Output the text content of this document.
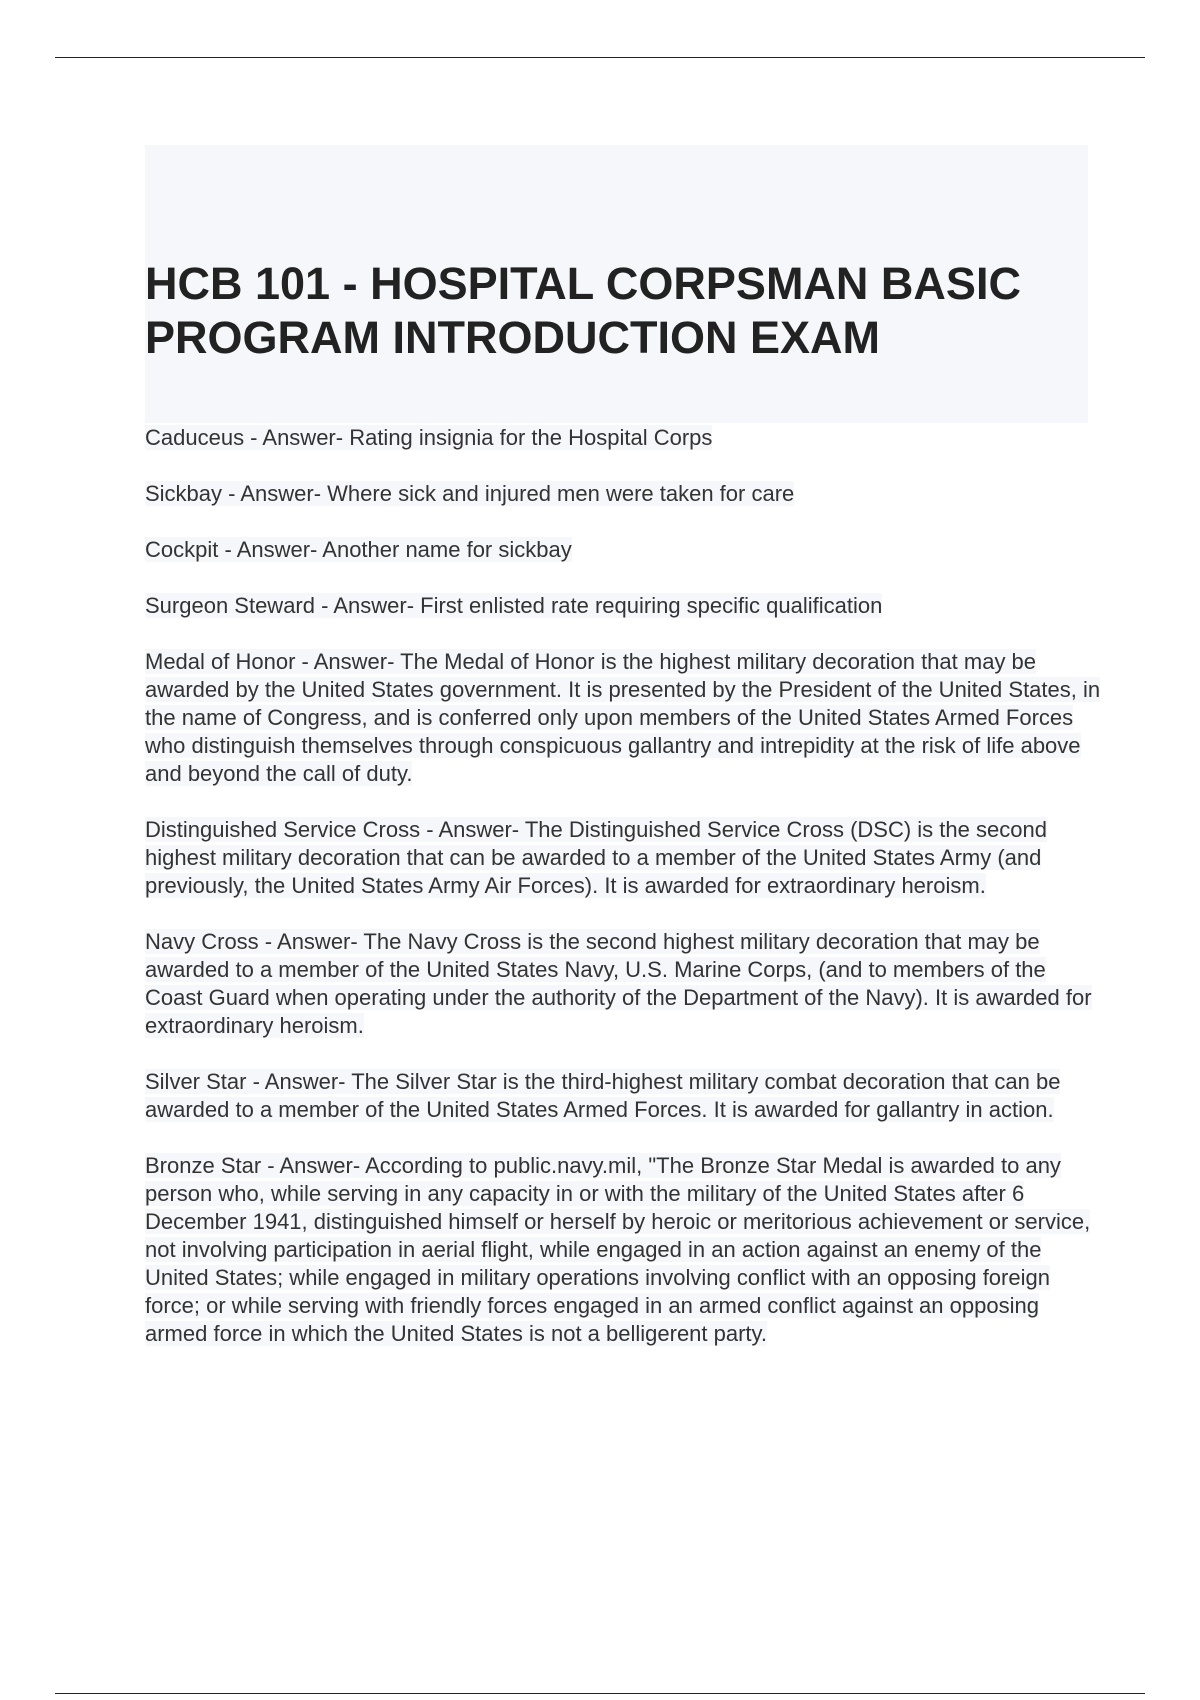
HCB 101 - HOSPITAL CORPSMAN BASIC
PROGRAM INTRODUCTION EXAM
Caduceus - Answer- Rating insignia for the Hospital Corps
Sickbay - Answer- Where sick and injured men were taken for care
Cockpit - Answer- Another name for sickbay
Surgeon Steward - Answer- First enlisted rate requiring specific qualification
Medal of Honor - Answer- The Medal of Honor is the highest military decoration that may be awarded by the United States government. It is presented by the President of the United States, in the name of Congress, and is conferred only upon members of the United States Armed Forces who distinguish themselves through conspicuous gallantry and intrepidity at the risk of life above and beyond the call of duty.
Distinguished Service Cross - Answer- The Distinguished Service Cross (DSC) is the second highest military decoration that can be awarded to a member of the United States Army (and previously, the United States Army Air Forces). It is awarded for extraordinary heroism.
Navy Cross - Answer- The Navy Cross is the second highest military decoration that may be awarded to a member of the United States Navy, U.S. Marine Corps, (and to members of the Coast Guard when operating under the authority of the Department of the Navy). It is awarded for extraordinary heroism.
Silver Star - Answer- The Silver Star is the third-highest military combat decoration that can be awarded to a member of the United States Armed Forces. It is awarded for gallantry in action.
Bronze Star - Answer- According to public.navy.mil, "The Bronze Star Medal is awarded to any person who, while serving in any capacity in or with the military of the United States after 6 December 1941, distinguished himself or herself by heroic or meritorious achievement or service, not involving participation in aerial flight, while engaged in an action against an enemy of the United States; while engaged in military operations involving conflict with an opposing foreign force; or while serving with friendly forces engaged in an armed conflict against an opposing armed force in which the United States is not a belligerent party.
